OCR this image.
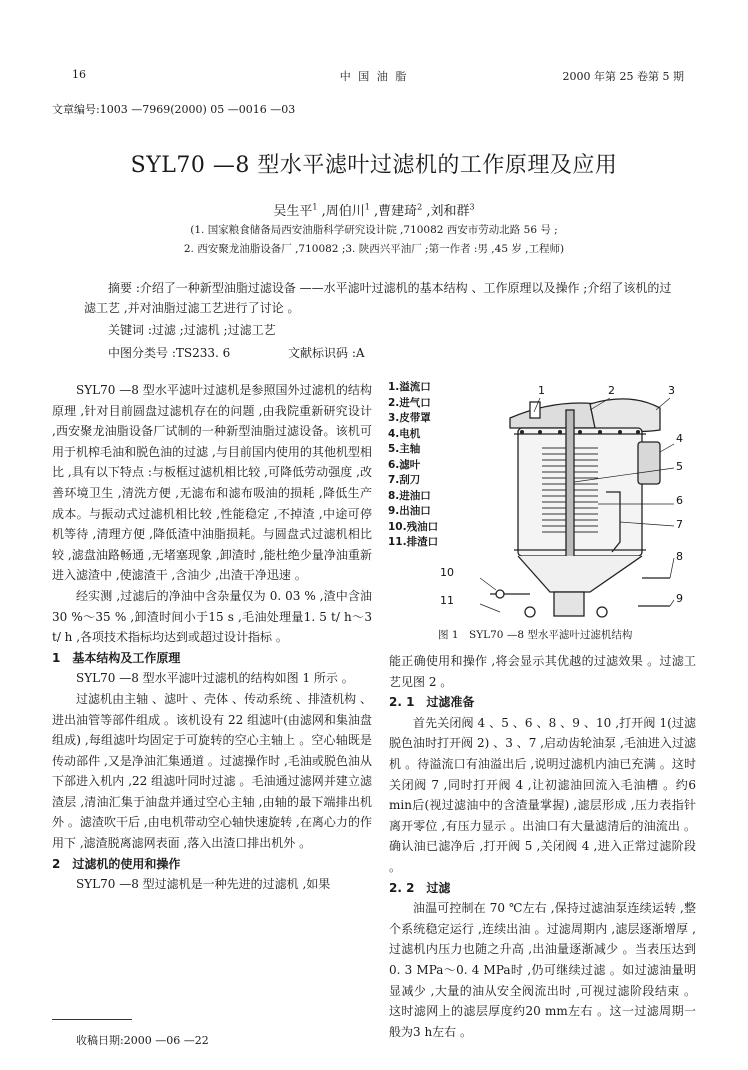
16	中 国 油 脂	2000 年第 25 卷第 5 期
文章编号:1003 —7969(2000) 05 —0016 —03
SYL70 —8 型水平滤叶过滤机的工作原理及应用
吴生平$^1$ ,周伯川$^1$ ,曹建琦$^2$ ,刘和群$^3$
(1. 国家粮食储备局西安油脂科学研究设计院 ,710082 西安市劳动北路 56 号 ;
2. 西安聚龙油脂设备厂 ,710082 ;3. 陕西兴平油厂 ;第一作者 :男 ,45 岁 ,工程师)
摘要 :介绍了一种新型油脂过滤设备 ——水平滤叶过滤机的基本结构 、工作原理以及操作 ;介绍了该机的过滤工艺 ,并对油脂过滤工艺进行了讨论 。
关键词 :过滤 ;过滤机 ;过滤工艺
中图分类号 :TS233. 6	文献标识码 :A

SYL70 —8 型水平滤叶过滤机是参照国外过滤机的结构原理 ,针对目前圆盘过滤机存在的问题 ,由我院重新研究设计 ,西安聚龙油脂设备厂试制的一种新型油脂过滤设备。该机可用于机榨毛油和脱色油的过滤 ,与目前国内使用的其他机型相比 ,具有以下特点 :与板框过滤机相比较 ,可降低劳动强度 ,改善环境卫生 ,清洗方便 ,无滤布和滤布吸油的损耗 ,降低生产成本。与振动式过滤机相比较 ,性能稳定 ,不掉渣 ,中途可停机等待 ,清理方便 ,降低渣中油脂损耗。与圆盘式过滤机相比较 ,滤盘油路畅通 ,无堵塞现象 ,卸渣时 ,能杜绝少量净油重新进入滤渣中 ,使滤渣干 ,含油少 ,出渣干净迅速 。

经实测 ,过滤后的净油中含杂量仅为 0. 03 % ,渣中含油 30 %～35 % ,卸渣时间小于15 s ,毛油处理量1. 5 t/ h～3 t/ h ,各项技术指标均达到或超过设计指标 。

1　基本结构及工作原理

SYL70 —8 型水平滤叶过滤机的结构如图 1 所示 。

过滤机由主轴 、滤叶 、壳体 、传动系统 、排渣机构 、进出油管等部件组成 。该机设有 22 组滤叶(由滤网和集油盘组成) ,每组滤叶均固定于可旋转的空心主轴上 。空心轴既是传动部件 ,又是净油汇集通道 。过滤操作时 ,毛油或脱色油从下部进入机内 ,22 组滤叶同时过滤 。毛油通过滤网并建立滤渣层 ,清油汇集于油盘并通过空心主轴 ,由轴的最下端排出机外 。滤渣吹干后 ,由电机带动空心轴快速旋转 ,在离心力的作用下 ,滤渣脱离滤网表面 ,落入出渣口排出机外 。

2　过滤机的使用和操作

SYL70 —8 型过滤机是一种先进的过滤机 ,如果

1.溢流口
2.进气口
3.皮带罩
4.电机
5.主轴
6.滤叶
7.刮刀
8.进油口
9.出油口
10.残油口
11.排渣口
1	2	3
4
5
6
7
8
9
10
11
图 1　SYL70 —8 型水平滤叶过滤机结构

能正确使用和操作 ,将会显示其优越的过滤效果 。过滤工艺见图 2 。

2. 1　过滤准备

首先关闭阀 4 、5 、6 、8 、9 、10 ,打开阀 1(过滤脱色油时打开阀 2) 、3 、7 ,启动齿轮油泵 ,毛油进入过滤机 。待溢流口有油溢出后 ,说明过滤机内油已充满 。这时关闭阀 7 ,同时打开阀 4 ,让初滤油回流入毛油槽 。约6 min后(视过滤油中的含渣量掌握) ,滤层形成 ,压力表指针离开零位 ,有压力显示 。出油口有大量滤清后的油流出 。确认油已滤净后 ,打开阀 5 ,关闭阀 4 ,进入正常过滤阶段 。

2. 2　过滤

油温可控制在 70 ℃左右 ,保持过滤油泵连续运转 ,整个系统稳定运行 ,连续出油 。过滤周期内 ,滤层逐渐增厚 ,过滤机内压力也随之升高 ,出油量逐渐减少 。当表压达到 0. 3 MPa～0. 4 MPa时 ,仍可继续过滤 。如过滤油量明显减少 ,大量的油从安全阀流出时 ,可视过滤阶段结束 。这时滤网上的滤层厚度约20 mm左右 。这一过滤周期一般为3 h左右 。

收稿日期:2000 —06 —22
